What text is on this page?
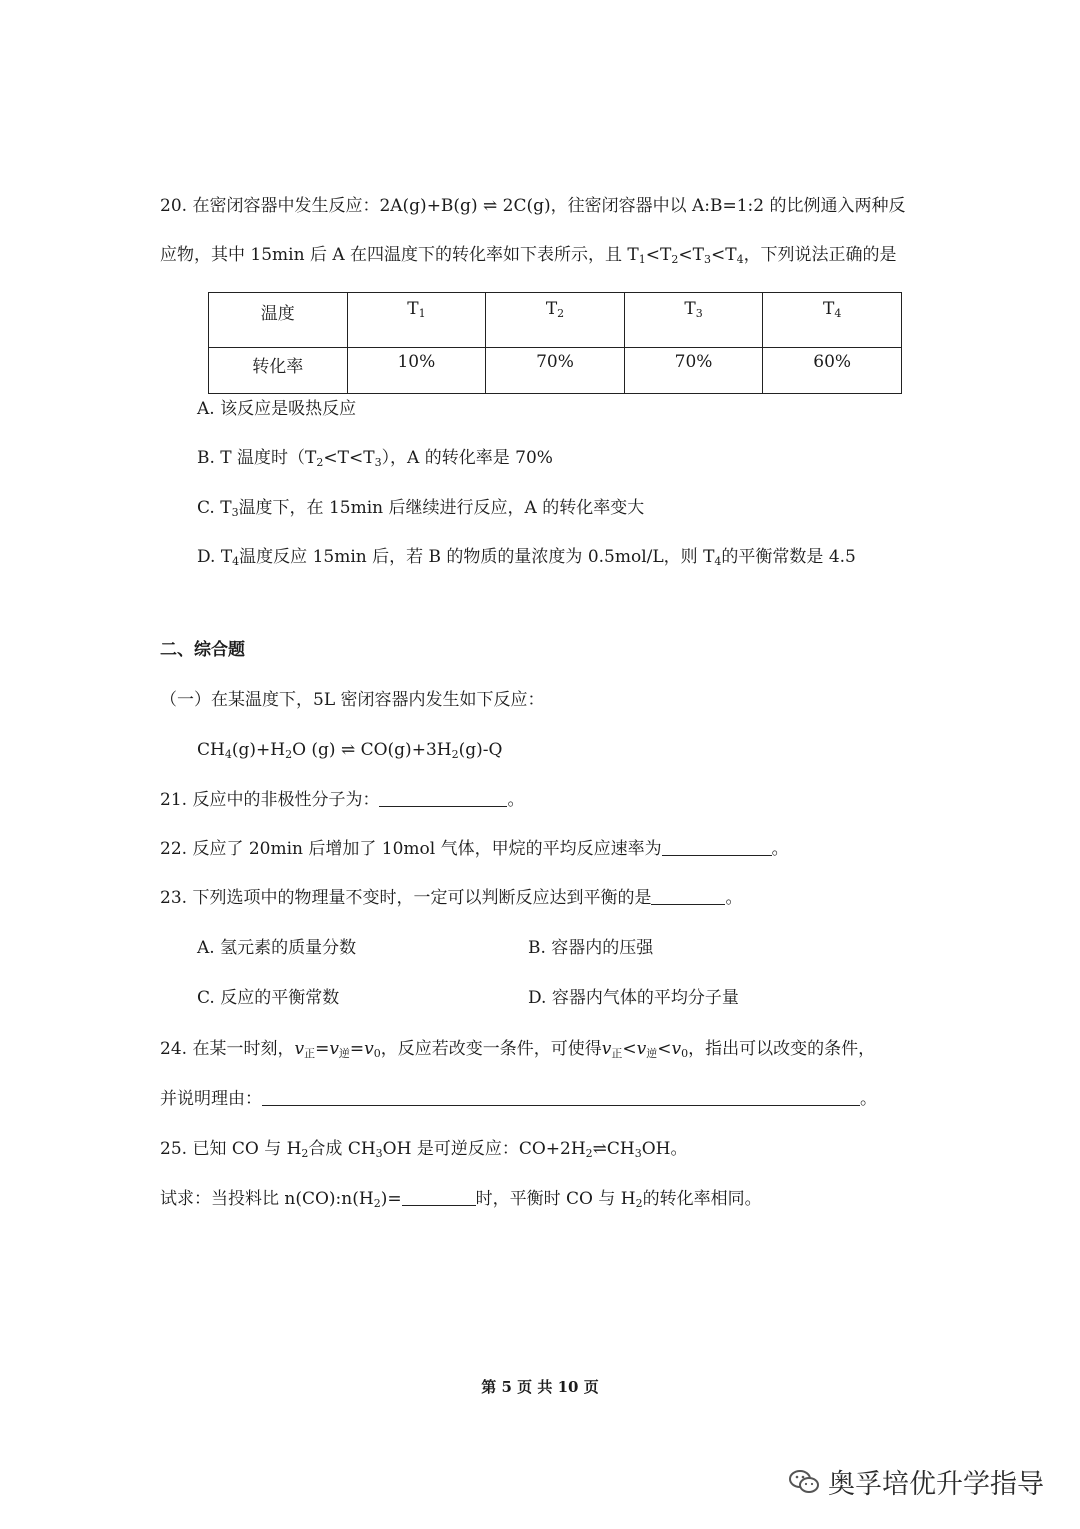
20. 在密闭容器中发生反应：2A(g)+B(g) ⇌ 2C(g)，往密闭容器中以 A:B=1:2 的比例通入两种反
应物，其中 15min 后 A 在四温度下的转化率如下表所示，且 $T_1<T_2<T_3<T_4$，下列说法正确的是
温度	$T_1$	$T_2$	$T_3$	$T_4$
转化率	10%	70%	70%	60%
A. 该反应是吸热反应
B. T 温度时$(T_2<T<T_3)$，A 的转化率是 70%
C. $T_3$温度下，在 15min 后继续进行反应，A 的转化率变大
D. $T_4$温度反应 15min 后，若 B 的物质的量浓度为 0.5mol/L，则 $T_4$的平衡常数是 4.5
二、综合题
（一）在某温度下，5L 密闭容器内发生如下反应：
$CH_4(g)+H_2O$ (g) ⇌ $CO(g)+3H_2(g)-Q$
21. 反应中的非极性分子为：	。
22. 反应了 20min 后增加了 10mol 气体，甲烷的平均反应速率为	。
23. 下列选项中的物理量不变时，一定可以判断反应达到平衡的是	。
A. 氢元素的质量分数	B. 容器内的压强
C. 反应的平衡常数	D. 容器内气体的平均分子量
24. 在某一时刻，$v_正=v_逆=v_0$，反应若改变一条件，可使得$v_正<v_逆<v_0$，指出可以改变的条件，
并说明理由：	。
25. 已知 CO 与 $H_2$合成 $CH_3OH$ 是可逆反应：$CO+2H_2\rightleftharpoons CH_3OH$。
试求：当投料比 $n(CO):n(H_2)=$	时，平衡时 CO 与 $H_2$的转化率相同。
第 5 页 共 10 页
奥孚培优升学指导
